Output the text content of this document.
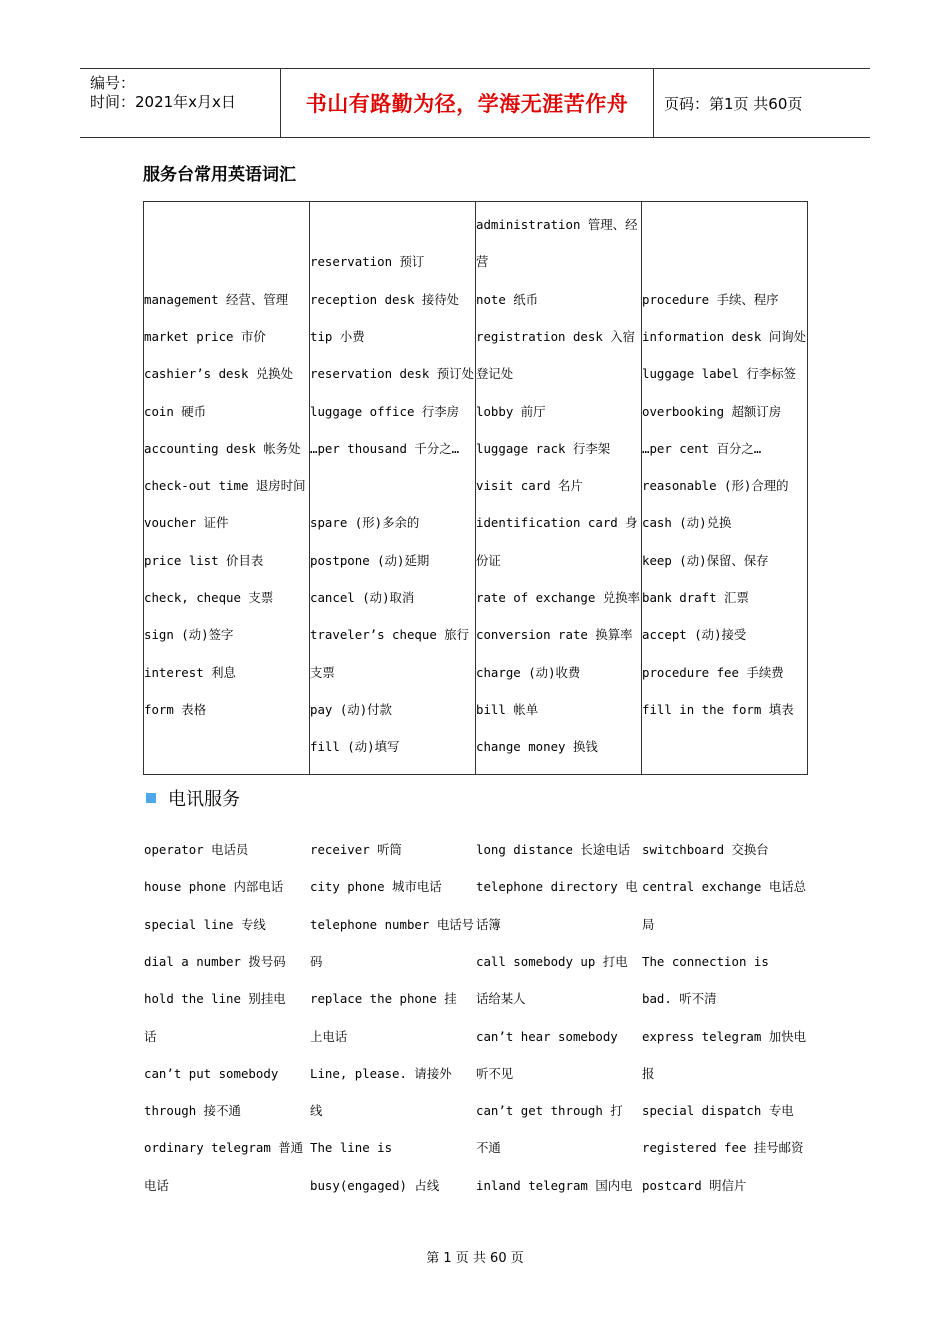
编号：
时间：2021年x月x日	书山有路勤为径，学海无涯苦作舟	页码：第1页 共60页
服务台常用英语词汇
management 经营、管理
market price 市价
cashier’s desk 兑换处
coin 硬币
accounting desk 帐务处
check-out time 退房时间
voucher 证件
price list 价目表
check, cheque 支票
sign (动)签字
interest 利息
form 表格
reservation 预订
reception desk 接待处
tip 小费
reservation desk 预订处
luggage office 行李房
…per thousand 千分之…
spare (形)多余的
postpone (动)延期
cancel (动)取消
traveler’s cheque 旅行
支票
pay (动)付款
fill (动)填写
administration 管理、经
营
note 纸币
registration desk 入宿
登记处
lobby 前厅
luggage rack 行李架
visit card 名片
identification card 身
份证
rate of exchange 兑换率
conversion rate 换算率
charge (动)收费
bill 帐单
change money 换钱
procedure 手续、程序
information desk 问询处
luggage label 行李标签
overbooking 超额订房
…per cent 百分之…
reasonable (形)合理的
cash (动)兑换
keep (动)保留、保存
bank draft 汇票
accept (动)接受
procedure fee 手续费
fill in the form 填表
电讯服务
operator 电话员
house phone 内部电话
special line 专线
dial a number 拨号码
hold the line 别挂电
话
can’t put somebody
through 接不通
ordinary telegram 普通
电话
receiver 听筒
city phone 城市电话
telephone number 电话号
码
replace the phone 挂
上电话
Line, please. 请接外
线
The line is
busy(engaged) 占线
long distance 长途电话
telephone directory 电
话簿
call somebody up 打电
话给某人
can’t hear somebody
听不见
can’t get through 打
不通
inland telegram 国内电
switchboard 交换台
central exchange 电话总
局
The connection is
bad. 听不清
express telegram 加快电
报
special dispatch 专电
registered fee 挂号邮资
postcard 明信片
第 1 页 共 60 页
